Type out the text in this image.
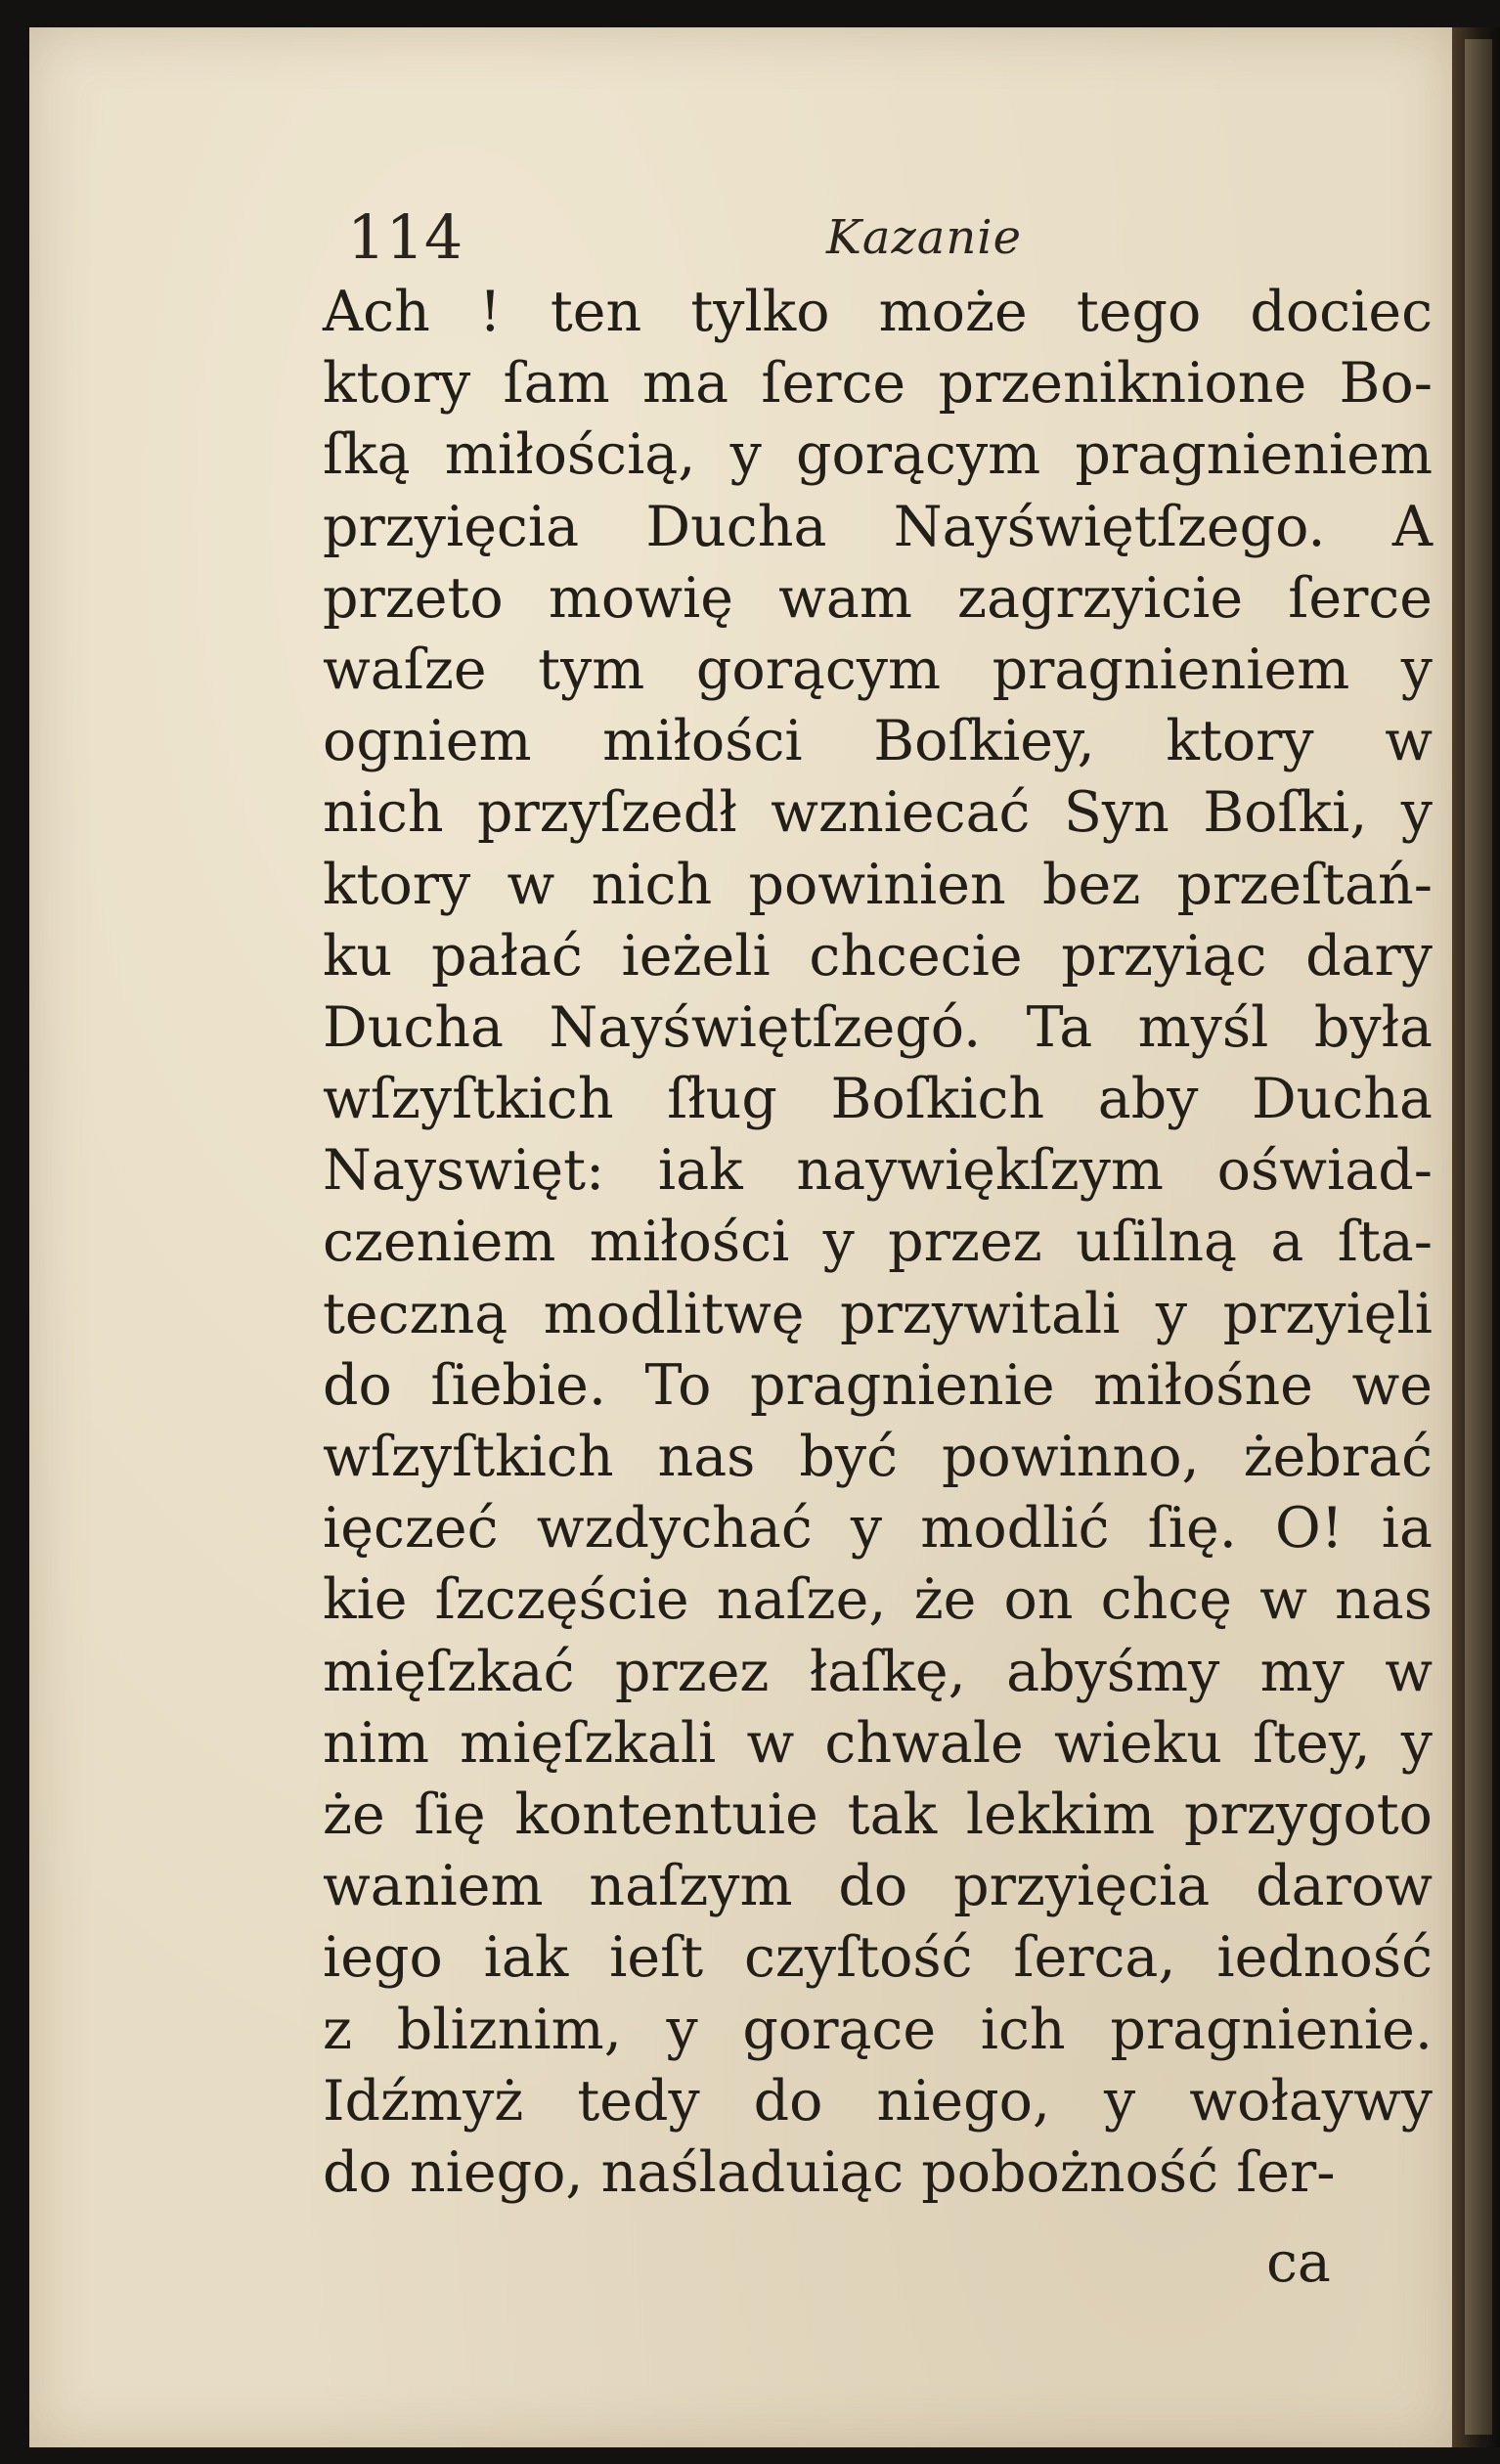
114	Kazanie
Ach ! ten tylko może tego dociec
ktory ſam ma ſerce przeniknione Bo-
ſką miłością, y gorącym pragnieniem
przyięcia Ducha Nayświętſzego. A
przeto mowię wam zagrzyicie ſerce
waſze tym gorącym pragnieniem y
ogniem miłości Boſkiey, ktory w
nich przyſzedł wzniecać Syn Boſki, y
ktory w nich powinien bez przeſtań-
ku pałać ieżeli chcecie przyiąc dary
Ducha Nayświętſzegó. Ta myśl była
wſzyſtkich ſług Boſkich aby Ducha
Nayswięt: iak naywiękſzym oświad-
czeniem miłości y przez uſilną a ſta-
teczną modlitwę przywitali y przyięli
do ſiebie. To pragnienie miłośne we
wſzyſtkich nas być powinno, żebrać
ięczeć wzdychać y modlić ſię. O! ia
kie ſzczęście naſze, że on chcę w nas
mięſzkać przez łaſkę, abyśmy my w
nim mięſzkali w chwale wieku ſtey, y
że ſię kontentuie tak lekkim przygoto
waniem naſzym do przyięcia darow
iego iak ieſt czyſtość ſerca, iedność
z bliznim, y gorące ich pragnienie.
Idźmyż tedy do niego, y wołaywy
do niego, naśladuiąc pobożność ſer-
ca
